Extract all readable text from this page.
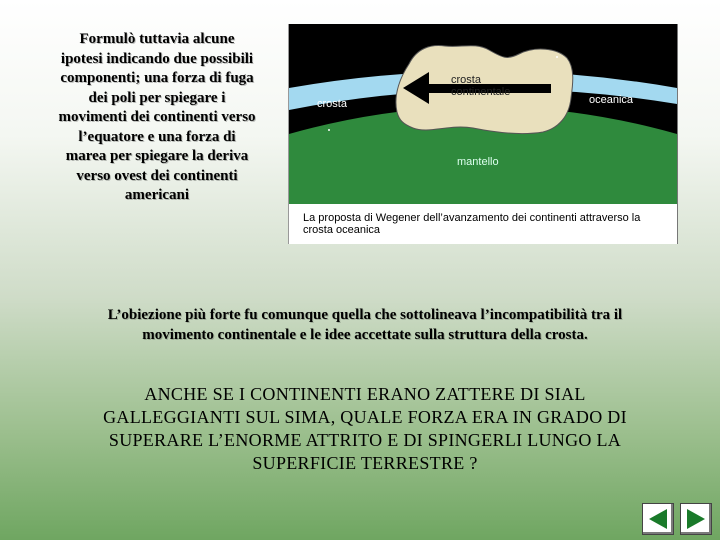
Formulò tuttavia alcune ipotesi indicando due possibili componenti; una forza di fuga dei poli per spiegare i movimenti dei continenti verso l’equatore e una forza di marea per spiegare la deriva verso ovest dei continenti americani
crosta
continentale
crosta	oceanica
mantello
La proposta di Wegener dell’avanzamento dei continenti attraverso la crosta oceanica
L’obiezione più forte fu comunque quella che sottolineava l’incompatibilità tra il movimento continentale e le idee accettate sulla struttura della crosta.
ANCHE SE I CONTINENTI ERANO ZATTERE DI SIAL GALLEGGIANTI SUL SIMA, QUALE FORZA ERA IN GRADO DI SUPERARE L’ENORME ATTRITO E DI SPINGERLI LUNGO LA SUPERFICIE TERRESTRE ?
